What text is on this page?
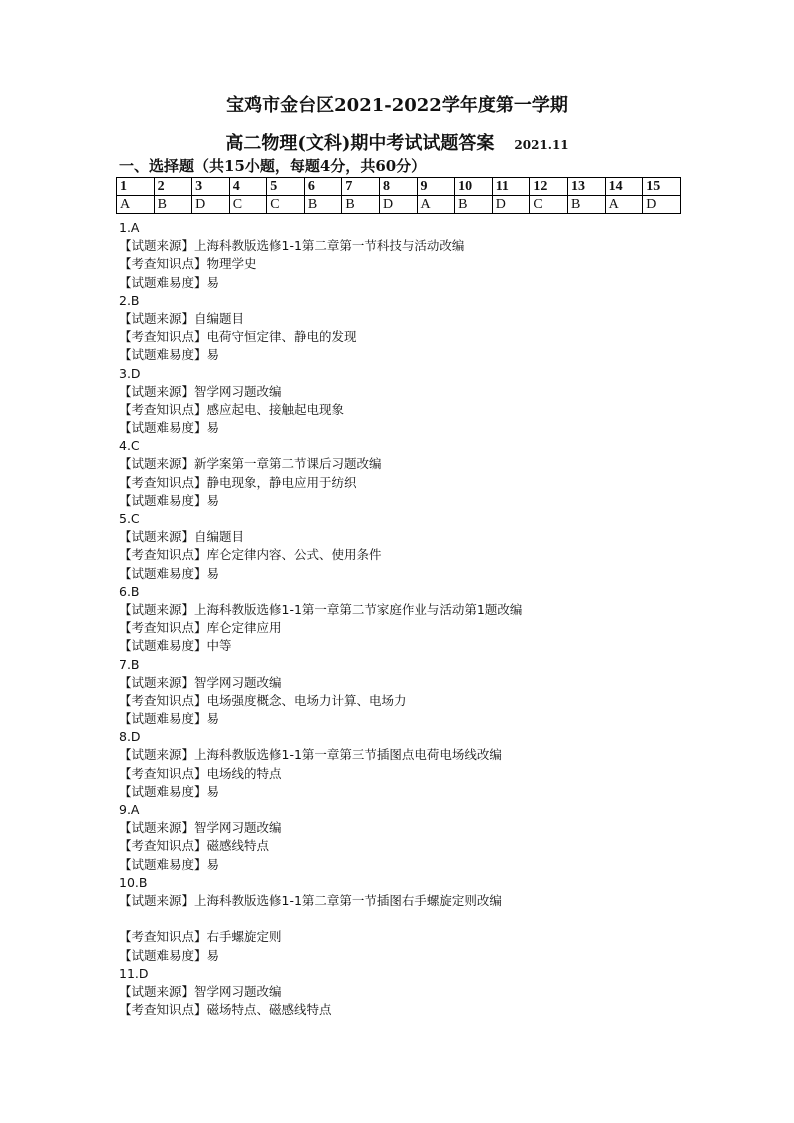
宝鸡市金台区2021-2022学年度第一学期
高二物理(文科)期中考试试题答案 2021.11
一、选择题（共15小题，每题4分，共60分）
1	2	3	4	5	6	7	8	9	10	11	12	13	14	15
A	B	D	C	C	B	B	D	A	B	D	C	B	A	D
1.A
【试题来源】上海科教版选修1-1第二章第一节科技与活动改编
【考查知识点】物理学史
【试题难易度】易
2.B
【试题来源】自编题目
【考查知识点】电荷守恒定律、静电的发现
【试题难易度】易
3.D
【试题来源】智学网习题改编
【考查知识点】感应起电、接触起电现象
【试题难易度】易
4.C
【试题来源】新学案第一章第二节课后习题改编
【考查知识点】静电现象，静电应用于纺织
【试题难易度】易
5.C
【试题来源】自编题目
【考查知识点】库仑定律内容、公式、使用条件
【试题难易度】易
6.B
【试题来源】上海科教版选修1-1第一章第二节家庭作业与活动第1题改编
【考查知识点】库仑定律应用
【试题难易度】中等
7.B
【试题来源】智学网习题改编
【考查知识点】电场强度概念、电场力计算、电场力
【试题难易度】易
8.D
【试题来源】上海科教版选修1-1第一章第三节插图点电荷电场线改编
【考查知识点】电场线的特点
【试题难易度】易
9.A
【试题来源】智学网习题改编
【考查知识点】磁感线特点
【试题难易度】易
10.B
【试题来源】上海科教版选修1-1第二章第一节插图右手螺旋定则改编
【考查知识点】右手螺旋定则
【试题难易度】易
11.D
【试题来源】智学网习题改编
【考查知识点】磁场特点、磁感线特点
